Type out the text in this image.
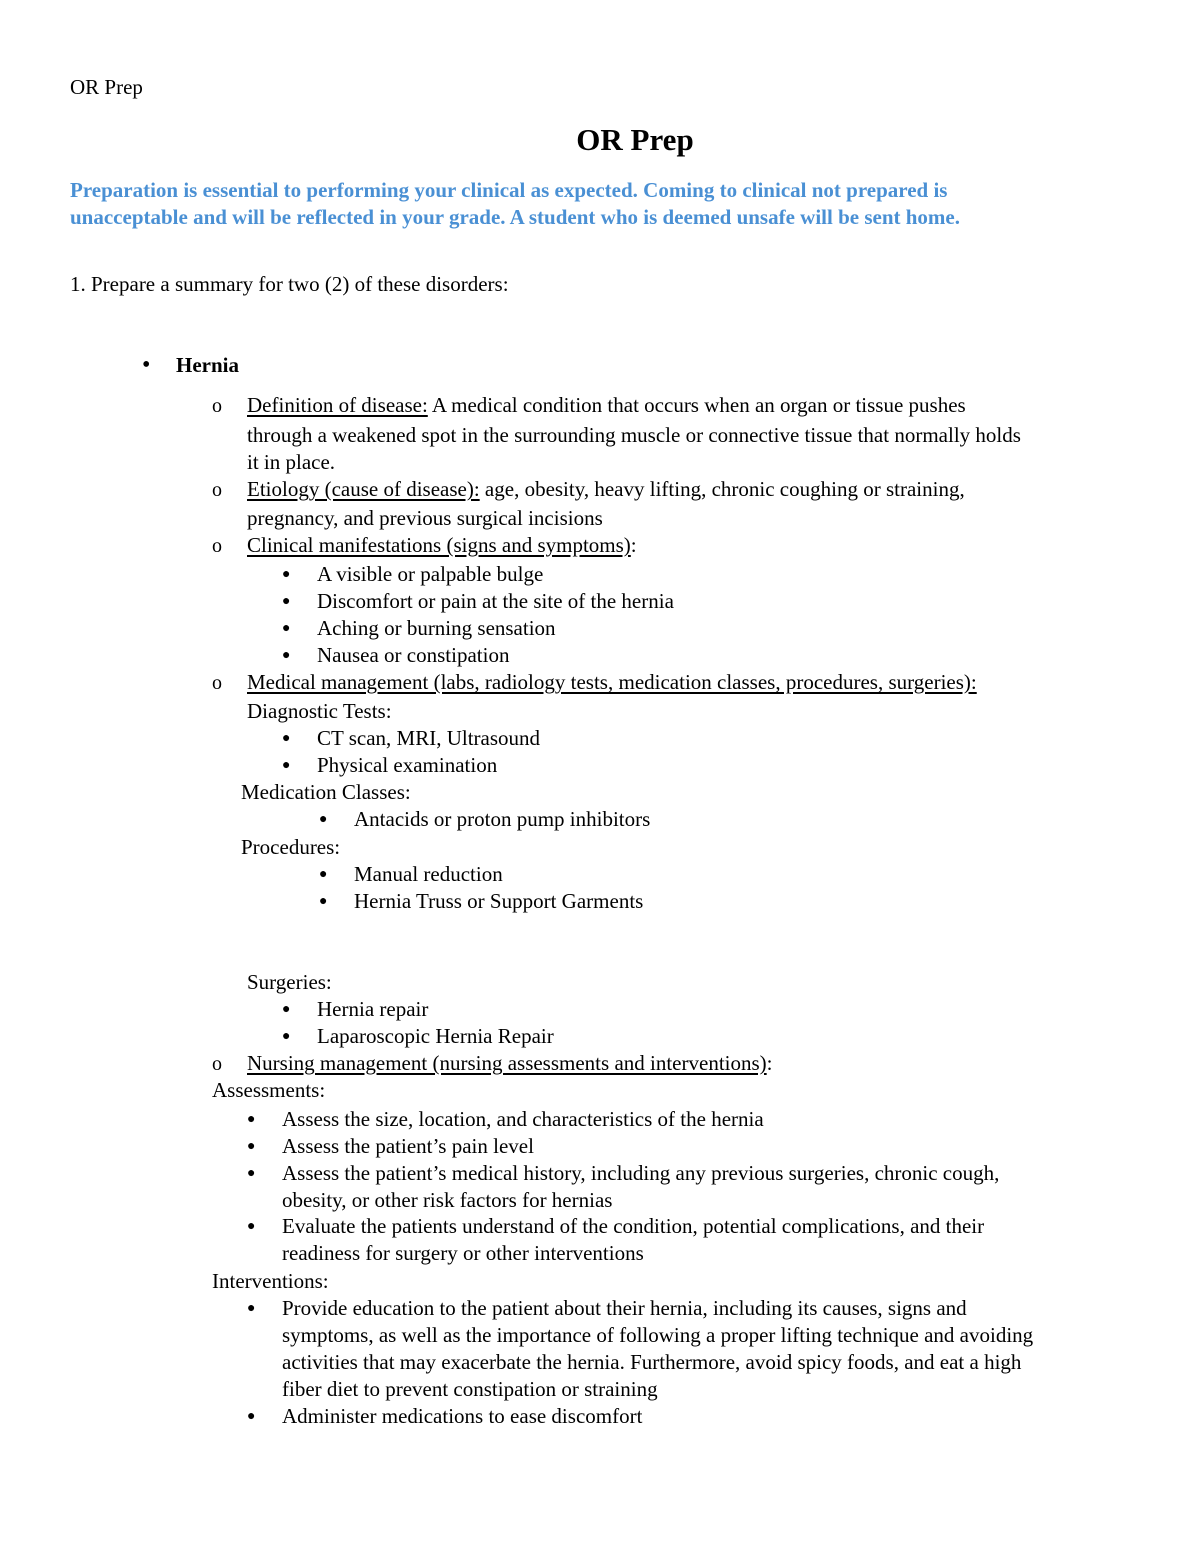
OR Prep
OR Prep
Preparation is essential to performing your clinical as expected. Coming to clinical not prepared is
unacceptable and will be reflected in your grade. A student who is deemed unsafe will be sent home.
1. Prepare a summary for two (2) of these disorders:
• Hernia
o Definition of disease: A medical condition that occurs when an organ or tissue pushes
through a weakened spot in the surrounding muscle or connective tissue that normally holds
it in place.
o Etiology (cause of disease): age, obesity, heavy lifting, chronic coughing or straining,
pregnancy, and previous surgical incisions
o Clinical manifestations (signs and symptoms):
● A visible or palpable bulge
● Discomfort or pain at the site of the hernia
● Aching or burning sensation
● Nausea or constipation
o Medical management (labs, radiology tests, medication classes, procedures, surgeries):
Diagnostic Tests:
● CT scan, MRI, Ultrasound
● Physical examination
Medication Classes:
● Antacids or proton pump inhibitors
Procedures:
● Manual reduction
● Hernia Truss or Support Garments
Surgeries:
● Hernia repair
● Laparoscopic Hernia Repair
o Nursing management (nursing assessments and interventions):
Assessments:
● Assess the size, location, and characteristics of the hernia
● Assess the patient’s pain level
● Assess the patient’s medical history, including any previous surgeries, chronic cough,
obesity, or other risk factors for hernias
● Evaluate the patients understand of the condition, potential complications, and their
readiness for surgery or other interventions
Interventions:
● Provide education to the patient about their hernia, including its causes, signs and
symptoms, as well as the importance of following a proper lifting technique and avoiding
activities that may exacerbate the hernia. Furthermore, avoid spicy foods, and eat a high
fiber diet to prevent constipation or straining
● Administer medications to ease discomfort
